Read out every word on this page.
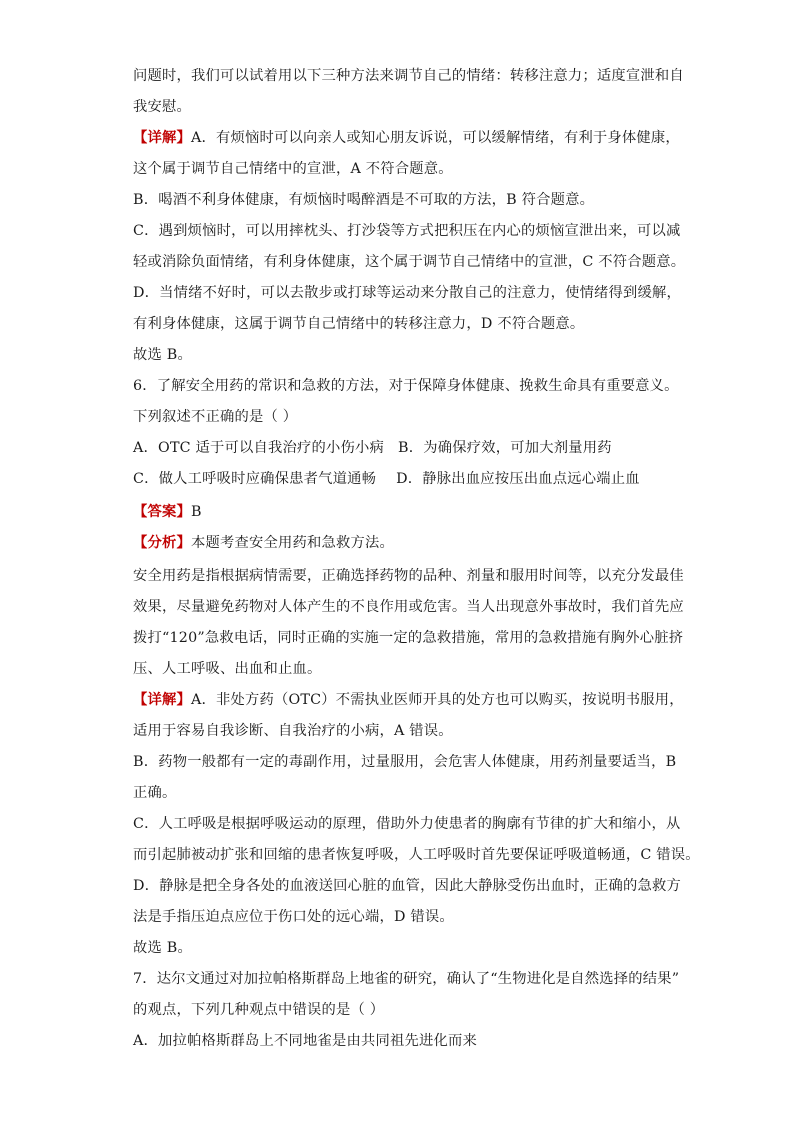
问题时，我们可以试着用以下三种方法来调节自己的情绪：转移注意力；适度宣泄和自
我安慰。
【详解】A．有烦恼时可以向亲人或知心朋友诉说，可以缓解情绪，有利于身体健康，
这个属于调节自己情绪中的宣泄，A 不符合题意。
B．喝酒不利身体健康，有烦恼时喝醉酒是不可取的方法，B 符合题意。
C．遇到烦恼时，可以用摔枕头、打沙袋等方式把积压在内心的烦恼宣泄出来，可以减
轻或消除负面情绪，有利身体健康，这个属于调节自己情绪中的宣泄，C 不符合题意。
D．当情绪不好时，可以去散步或打球等运动来分散自己的注意力，使情绪得到缓解，
有利身体健康，这属于调节自己情绪中的转移注意力，D 不符合题意。
故选 B。
6．了解安全用药的常识和急救的方法，对于保障身体健康、挽救生命具有重要意义。
下列叙述不正确的是（ ）
A．OTC 适于可以自我治疗的小伤小病 B．为确保疗效，可加大剂量用药
C．做人工呼吸时应确保患者气道通畅 D．静脉出血应按压出血点远心端止血
【答案】B
【分析】本题考查安全用药和急救方法。
安全用药是指根据病情需要，正确选择药物的品种、剂量和服用时间等，以充分发最佳
效果，尽量避免药物对人体产生的不良作用或危害。当人出现意外事故时，我们首先应
拨打“120”急救电话，同时正确的实施一定的急救措施，常用的急救措施有胸外心脏挤
压、人工呼吸、出血和止血。
【详解】A．非处方药（OTC）不需执业医师开具的处方也可以购买，按说明书服用，
适用于容易自我诊断、自我治疗的小病，A 错误。
B．药物一般都有一定的毒副作用，过量服用，会危害人体健康，用药剂量要适当，B
正确。
C．人工呼吸是根据呼吸运动的原理，借助外力使患者的胸廓有节律的扩大和缩小，从
而引起肺被动扩张和回缩的患者恢复呼吸，人工呼吸时首先要保证呼吸道畅通，C 错误。
D．静脉是把全身各处的血液送回心脏的血管，因此大静脉受伤出血时，正确的急救方
法是手指压迫点应位于伤口处的远心端，D 错误。
故选 B。
7．达尔文通过对加拉帕格斯群岛上地雀的研究，确认了“生物进化是自然选择的结果”
的观点，下列几种观点中错误的是（ ）
A．加拉帕格斯群岛上不同地雀是由共同祖先进化而来
